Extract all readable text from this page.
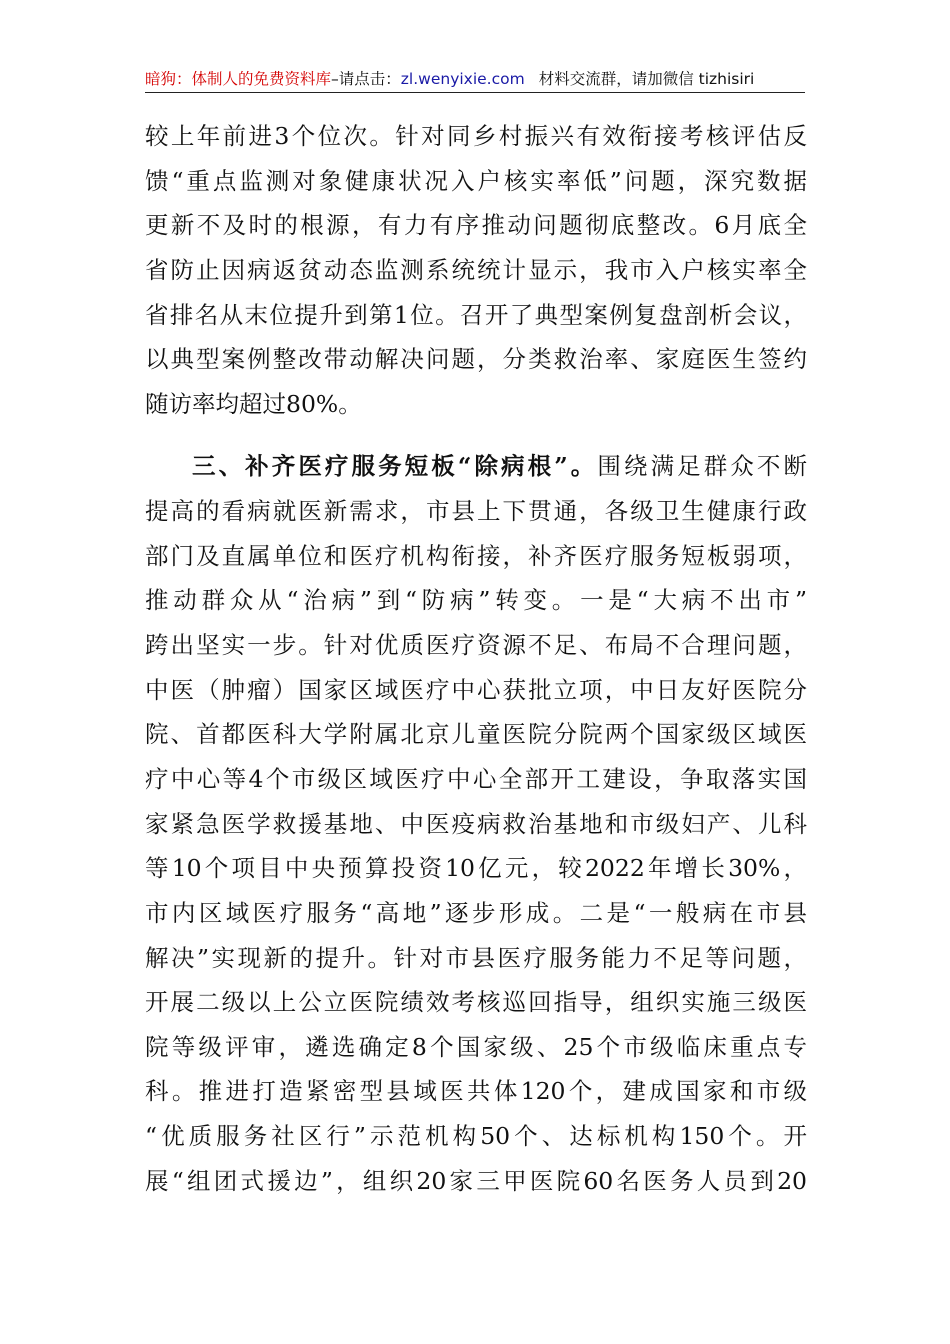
暗狗：体制人的免费资料库–请点击：zl.wenyixie.com 材料交流群，请加微信 tizhisiri
较上年前进3个位次。针对同乡村振兴有效衔接考核评估反
馈“重点监测对象健康状况入户核实率低”问题，深究数据
更新不及时的根源，有力有序推动问题彻底整改。6月底全
省防止因病返贫动态监测系统统计显示，我市入户核实率全
省排名从末位提升到第1位。召开了典型案例复盘剖析会议，
以典型案例整改带动解决问题，分类救治率、家庭医生签约
随访率均超过80%。
三、补齐医疗服务短板“除病根”。围绕满足群众不断
提高的看病就医新需求，市县上下贯通，各级卫生健康行政
部门及直属单位和医疗机构衔接，补齐医疗服务短板弱项，
推动群众从“治病”到“防病”转变。一是“大病不出市”
跨出坚实一步。针对优质医疗资源不足、布局不合理问题，
中医（肿瘤）国家区域医疗中心获批立项，中日友好医院分
院、首都医科大学附属北京儿童医院分院两个国家级区域医
疗中心等4个市级区域医疗中心全部开工建设，争取落实国
家紧急医学救援基地、中医疫病救治基地和市级妇产、儿科
等10个项目中央预算投资10亿元，较2022年增长30%，
市内区域医疗服务“高地”逐步形成。二是“一般病在市县
解决”实现新的提升。针对市县医疗服务能力不足等问题，
开展二级以上公立医院绩效考核巡回指导，组织实施三级医
院等级评审，遴选确定8个国家级、25个市级临床重点专
科。推进打造紧密型县域医共体120个，建成国家和市级
“优质服务社区行”示范机构50个、达标机构150个。开
展“组团式援边”，组织20家三甲医院60名医务人员到20
